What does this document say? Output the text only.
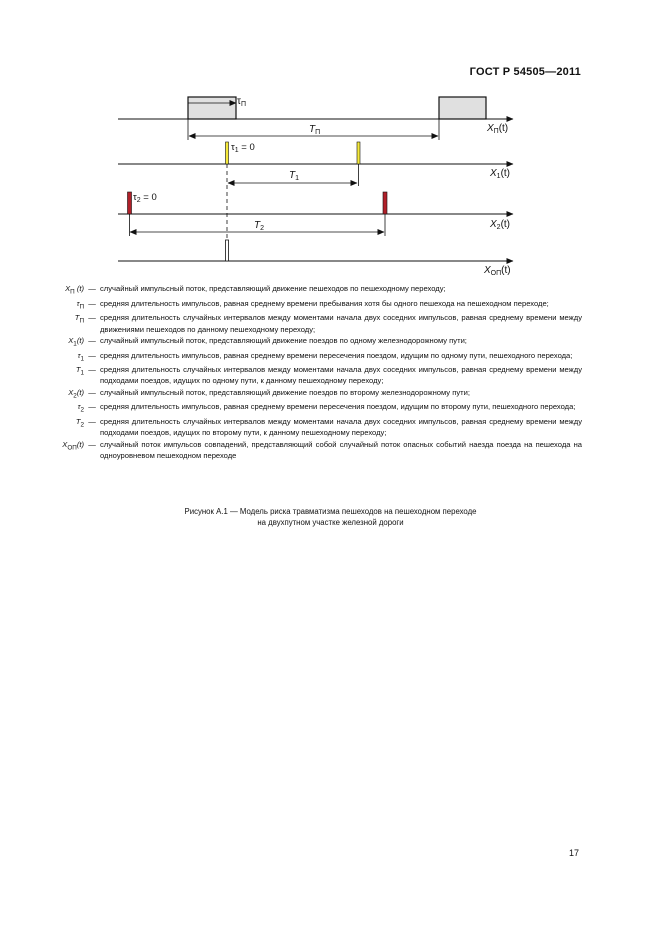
ГОСТ Р 54505—2011
$\tau_П$
$T_П$	$X_П(t)$
$\tau_1 = 0$
$T_1$	$X_1(t)$
$\tau_2 = 0$
$T_2$	$X_2(t)$
$X_{ОП}(t)$
$X_П$ (t) — случайный импульсный поток, представляющий движение пешеходов по пешеходному переходу;
$\tau_П$ — средняя длительность импульсов, равная среднему времени пребывания хотя бы одного пешехода на пешеходном переходе;
$T_П$ — средняя длительность случайных интервалов между моментами начала двух соседних импульсов, равная среднему времени между движениями пешеходов по данному пешеходному переходу;
$X_1(t)$ — случайный импульсный поток, представляющий движение поездов по одному железнодорожному пути;
$\tau_1$ — средняя длительность импульсов, равная среднему времени пересечения поездом, идущим по одному пути, пешеходного перехода;
$T_1$ — средняя длительность случайных интервалов между моментами начала двух соседних импульсов, равная среднему времени между подходами поездов, идущих по одному пути, к данному пешеходному переходу;
$X_2(t)$ — случайный импульсный поток, представляющий движение поездов по второму железнодорожному пути;
$\tau_2$ — средняя длительность импульсов, равная среднему времени пересечения поездом, идущим по второму пути, пешеходного перехода;
$T_2$ — средняя длительность случайных интервалов между моментами начала двух соседних импульсов, равная среднему времени между подходами поездов, идущих по второму пути, к данному пешеходному переходу;
$X_{ОП}(t)$ — случайный поток импульсов совпадений, представляющий собой случайный поток опасных событий наезда поезда на пешехода на одноуровневом пешеходном переходе
Рисунок А.1 — Модель риска травматизма пешеходов на пешеходном переходе
на двухпутном участке железной дороги
17
